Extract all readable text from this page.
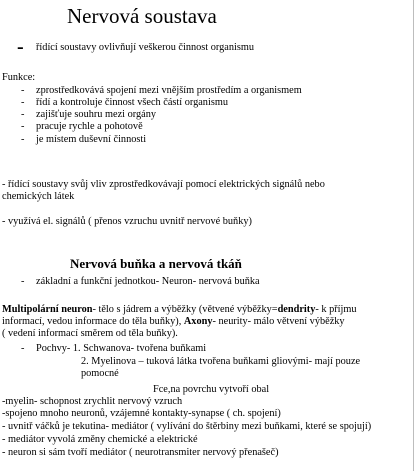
Nervová soustava
- řídící soustavy ovlivňují veškerou činnost organismu
Funkce:
- zprostředkovává spojení mezi vnějším prostředím a organismem
- řídí a kontroluje činnost všech částí organismu
- zajišťuje souhru mezi orgány
- pracuje rychle a pohotově
- je místem duševní činnosti
- řídící soustavy svůj vliv zprostředkovávají pomocí elektrických signálů nebo
chemických látek
- využívá el. signálů ( přenos vzruchu uvnitř nervové buňky)
Nervová buňka a nervová tkáň
- základní a funkční jednotkou- Neuron- nervová buňka
Multipolární neuron- tělo s jádrem a výběžky (větvené výběžky=dendrity- k příjmu
informací, vedou informace do těla buňky), Axony- neurity- málo větvení výběžky
( vedení informací směrem od těla buňky).
- Pochvy- 1. Schwanova- tvořena buňkami
2. Myelinova – tuková látka tvořena buňkami gliovými- mají pouze
pomocné
Fce,na povrchu vytvoří obal
-myelin- schopnost zrychlit nervový vzruch
-spojeno mnoho neuronů, vzájemné kontakty-synapse ( ch. spojení)
- uvnitř váčků je tekutina- mediátor ( vylívání do štěrbiny mezi buňkami, které se spojují)
- mediátor vyvolá změny chemické a elektrické
- neuron si sám tvoří mediátor ( neurotransmiter nervový přenašeč)
